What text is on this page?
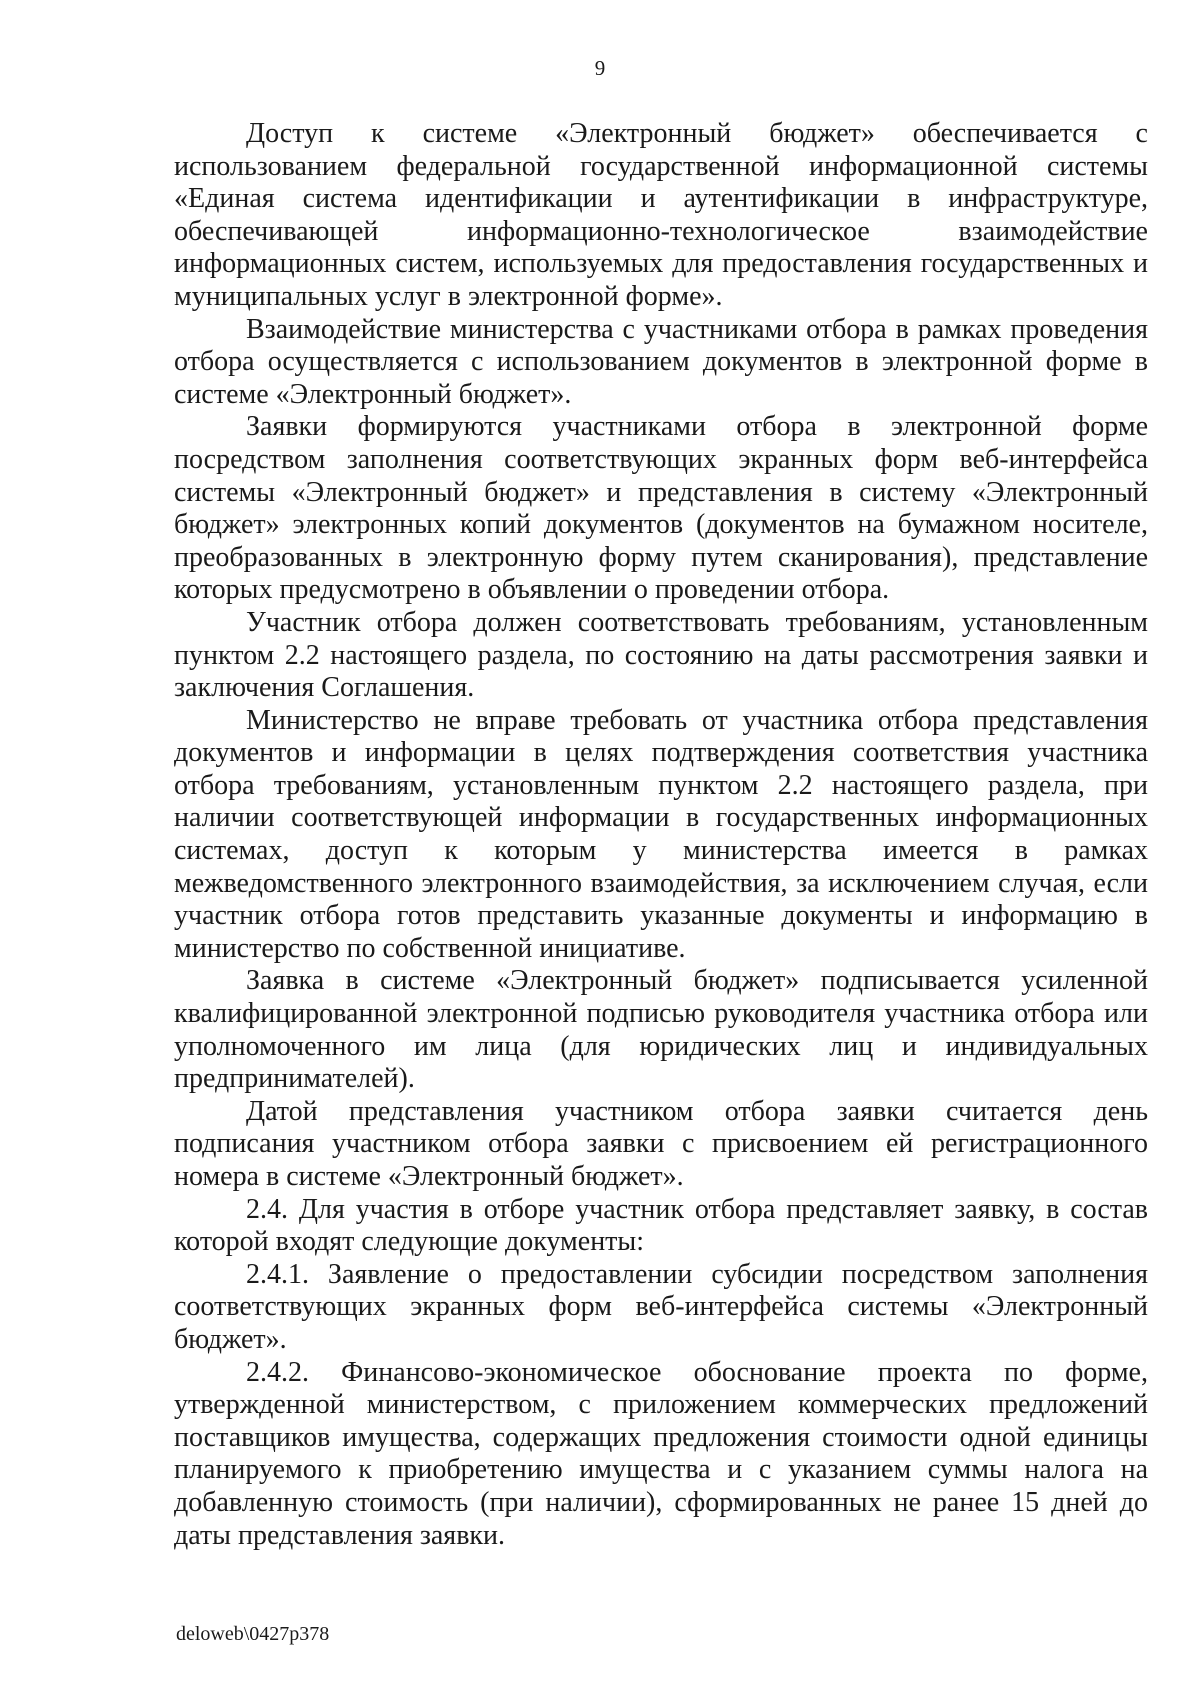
9

Доступ к системе «Электронный бюджет» обеспечивается с использованием федеральной государственной информационной системы «Единая система идентификации и аутентификации в инфраструктуре, обеспечивающей информационно-технологическое взаимодействие информационных систем, используемых для предоставления государственных и муниципальных услуг в электронной форме».

Взаимодействие министерства с участниками отбора в рамках проведения отбора осуществляется с использованием документов в электронной форме в системе «Электронный бюджет».

Заявки формируются участниками отбора в электронной форме посредством заполнения соответствующих экранных форм веб-интерфейса системы «Электронный бюджет» и представления в систему «Электронный бюджет» электронных копий документов (документов на бумажном носителе, преобразованных в электронную форму путем сканирования), представление которых предусмотрено в объявлении о проведении отбора.

Участник отбора должен соответствовать требованиям, установленным пунктом 2.2 настоящего раздела, по состоянию на даты рассмотрения заявки и заключения Соглашения.

Министерство не вправе требовать от участника отбора представления документов и информации в целях подтверждения соответствия участника отбора требованиям, установленным пунктом 2.2 настоящего раздела, при наличии соответствующей информации в государственных информационных системах, доступ к которым у министерства имеется в рамках межведомственного электронного взаимодействия, за исключением случая, если участник отбора готов представить указанные документы и информацию в министерство по собственной инициативе.

Заявка в системе «Электронный бюджет» подписывается усиленной квалифицированной электронной подписью руководителя участника отбора или уполномоченного им лица (для юридических лиц и индивидуальных предпринимателей).

Датой представления участником отбора заявки считается день подписания участником отбора заявки с присвоением ей регистрационного номера в системе «Электронный бюджет».

2.4. Для участия в отборе участник отбора представляет заявку, в состав которой входят следующие документы:

2.4.1. Заявление о предоставлении субсидии посредством заполнения соответствующих экранных форм веб-интерфейса системы «Электронный бюджет».

2.4.2. Финансово-экономическое обоснование проекта по форме, утвержденной министерством, с приложением коммерческих предложений поставщиков имущества, содержащих предложения стоимости одной единицы планируемого к приобретению имущества и с указанием суммы налога на добавленную стоимость (при наличии), сформированных не ранее 15 дней до даты представления заявки.

deloweb\0427p378
